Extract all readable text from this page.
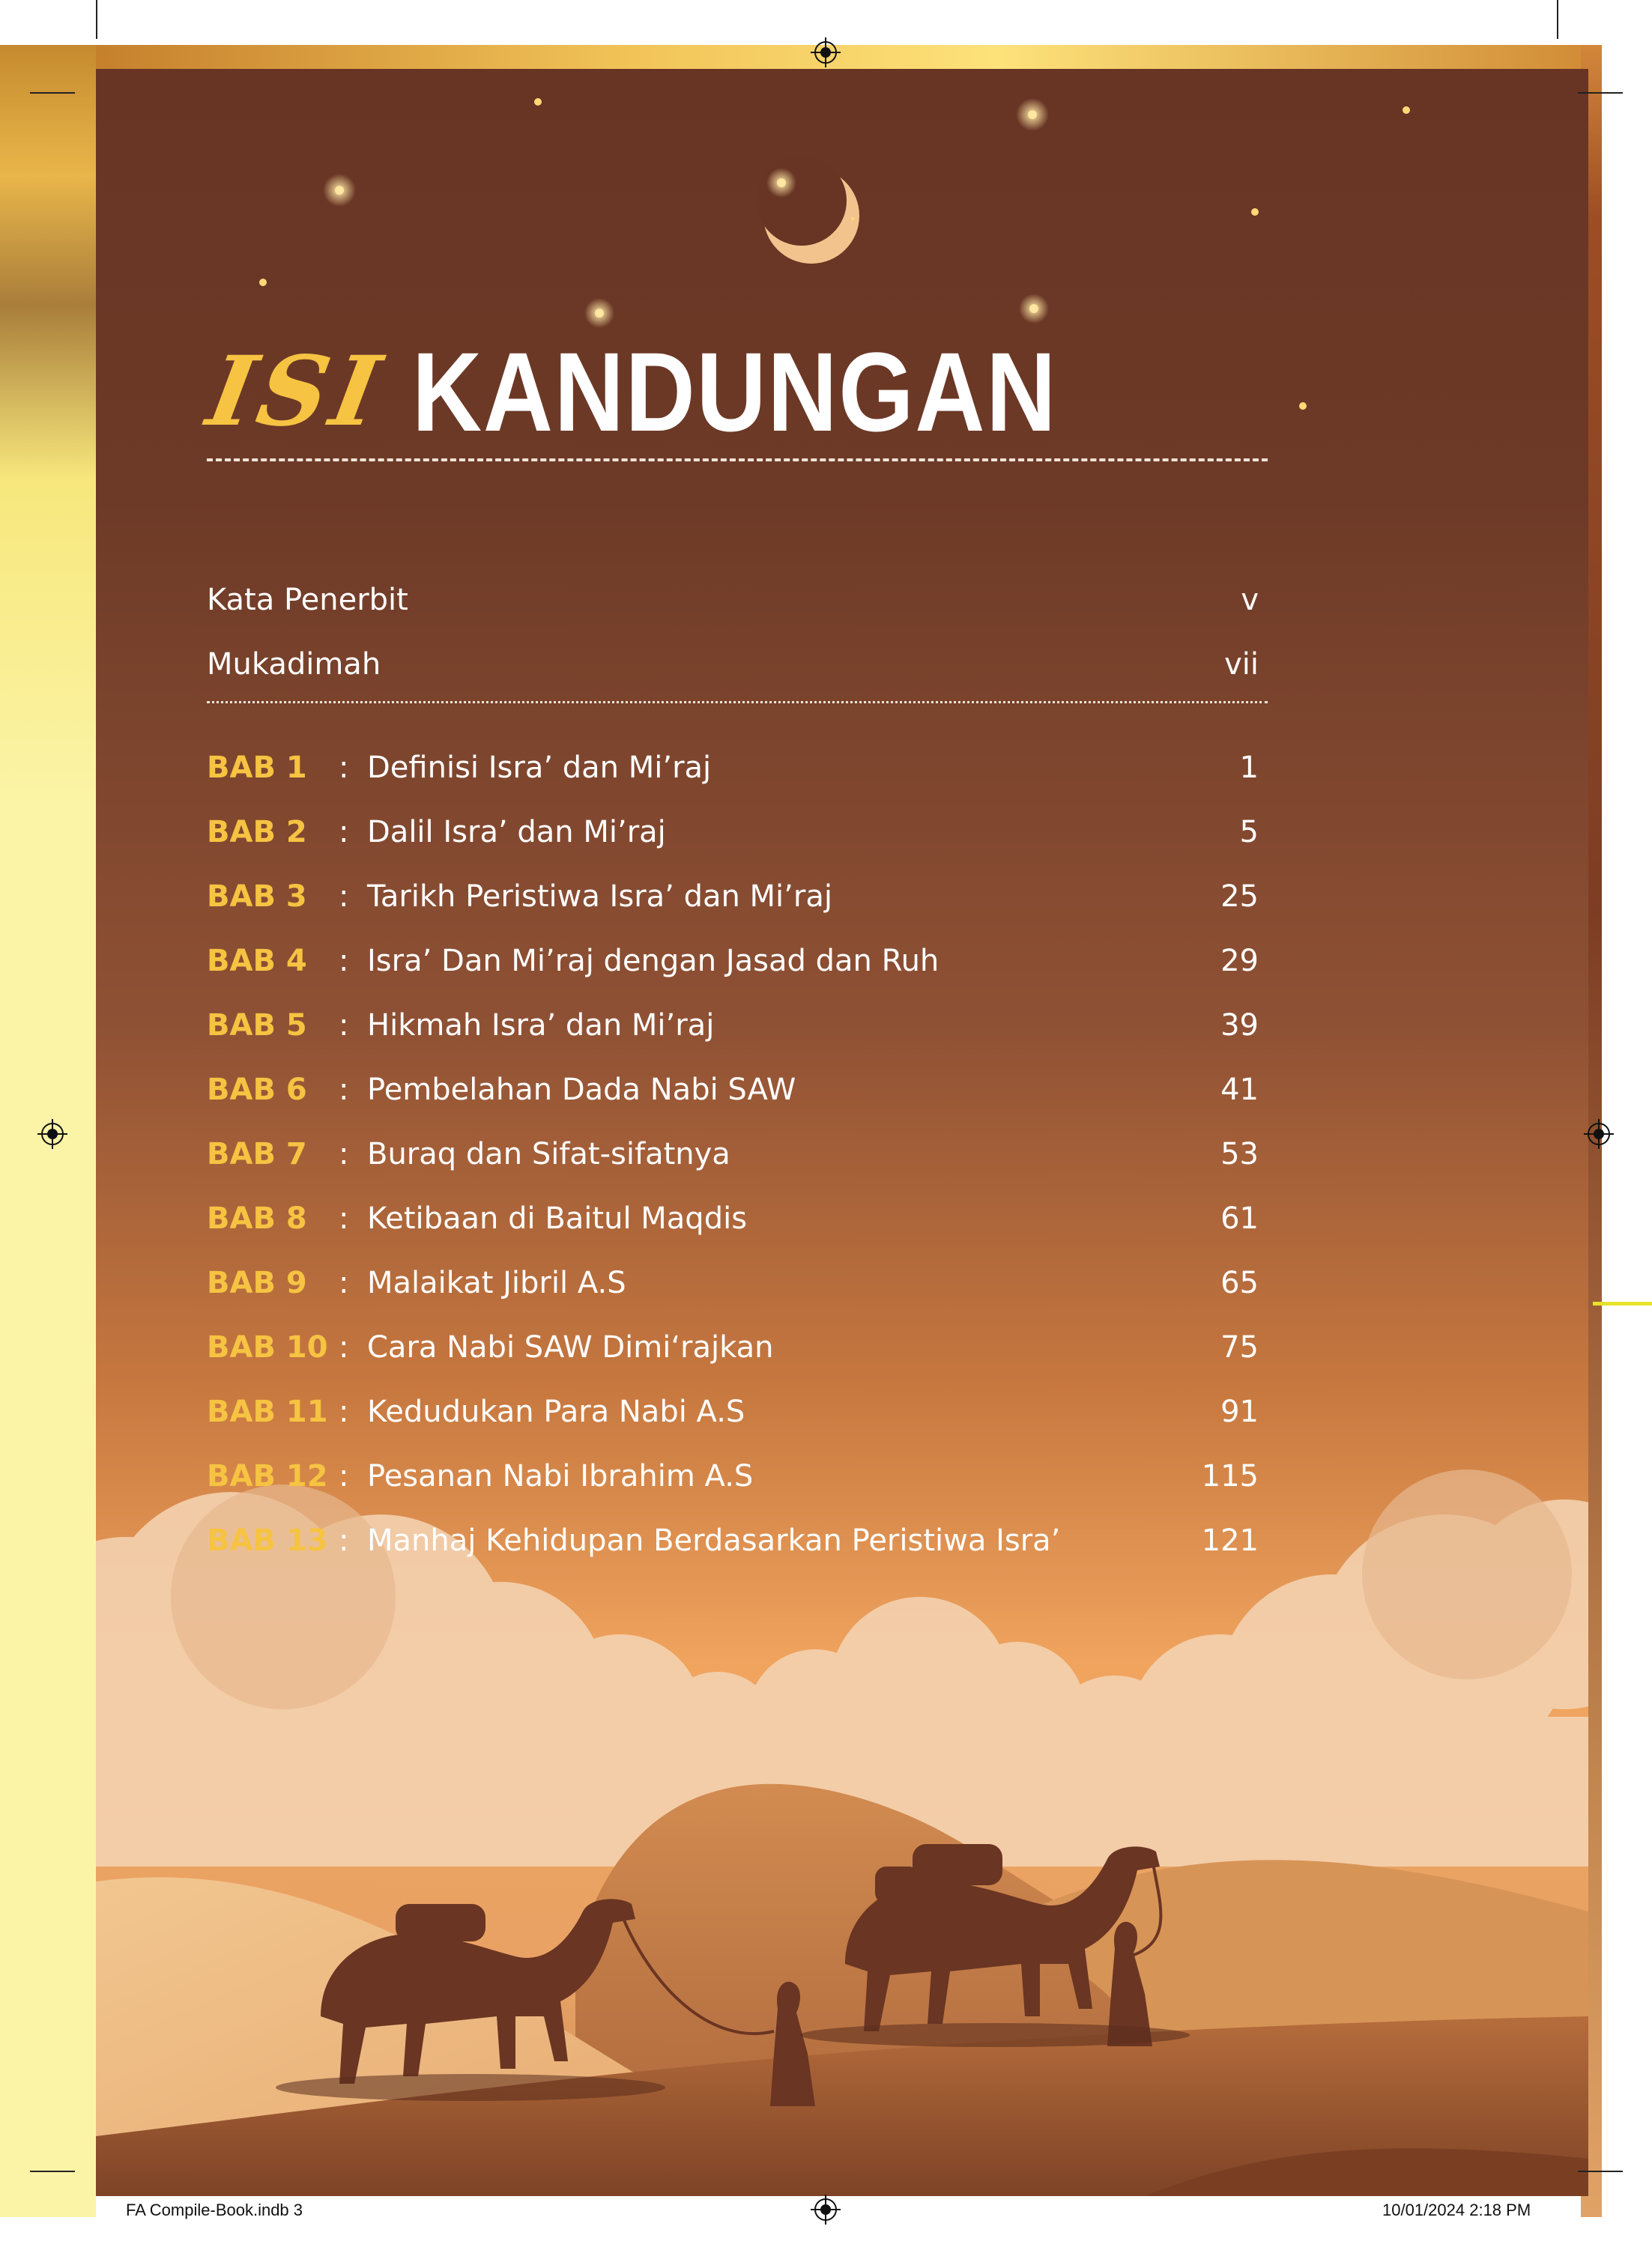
ISI KANDUNGAN
Kata Penerbit	v
Mukadimah	vii
BAB 1 : Definisi Isra’ dan Mi’raj	1
BAB 2 : Dalil Isra’ dan Mi’raj	5
BAB 3 : Tarikh Peristiwa Isra’ dan Mi’raj	25
BAB 4 : Isra’ Dan Mi’raj dengan Jasad dan Ruh	29
BAB 5 : Hikmah Isra’ dan Mi’raj	39
BAB 6 : Pembelahan Dada Nabi SAW	41
BAB 7 : Buraq dan Sifat-sifatnya	53
BAB 8 : Ketibaan di Baitul Maqdis	61
BAB 9 : Malaikat Jibril A.S	65
BAB 10 : Cara Nabi SAW Dimi‘rajkan	75
BAB 11 : Kedudukan Para Nabi A.S	91
BAB 12 : Pesanan Nabi Ibrahim A.S	115
BAB 13 : Manhaj Kehidupan Berdasarkan Peristiwa Isra’	121
FA Compile-Book.indb 3	10/01/2024 2:18 PM
